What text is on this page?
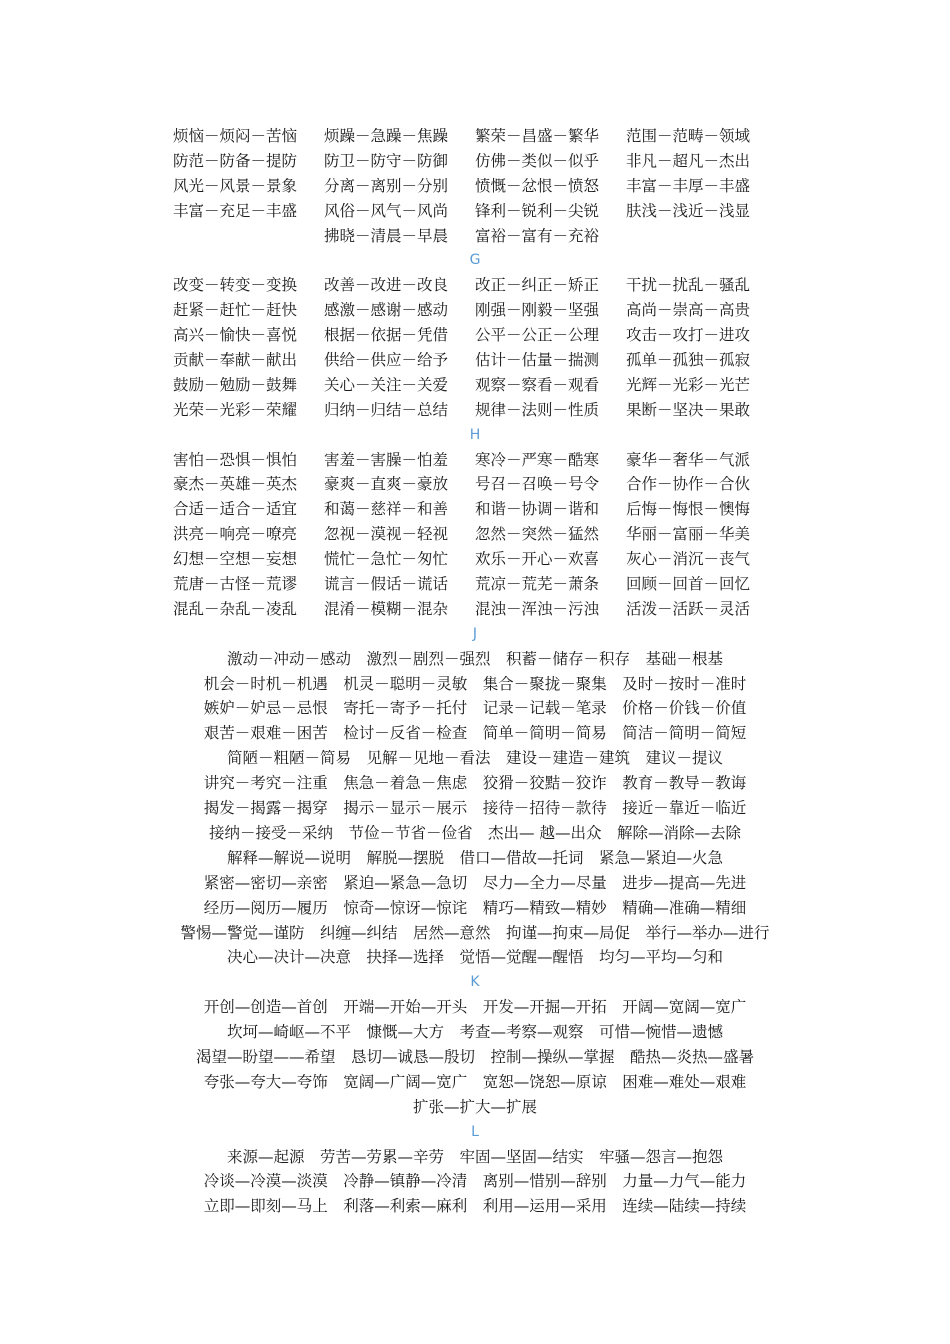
烦恼－烦闷－苦恼 烦躁－急躁－焦躁 繁荣－昌盛－繁华 范围－范畴－领域
防范－防备－提防 防卫－防守－防御 仿佛－类似－似乎 非凡－超凡－杰出
风光－风景－景象 分离－离别－分别 愤慨－忿恨－愤怒 丰富－丰厚－丰盛
丰富－充足－丰盛 风俗－风气－风尚 锋利－锐利－尖锐 肤浅－浅近－浅显
拂晓－清晨－早晨 富裕－富有－充裕
G
改变－转变－变换 改善－改进－改良 改正－纠正－矫正 干扰－扰乱－骚乱
赶紧－赶忙－赶快 感激－感谢－感动 刚强－刚毅－坚强 高尚－崇高－高贵
高兴－愉快－喜悦 根据－依据－凭借 公平－公正－公理 攻击－攻打－进攻
贡献－奉献－献出 供给－供应－给予 估计－估量－揣测 孤单－孤独－孤寂
鼓励－勉励－鼓舞 关心－关注－关爱 观察－察看－观看 光辉－光彩－光芒
光荣－光彩－荣耀 归纳－归结－总结 规律－法则－性质 果断－坚决－果敢
H
害怕－恐惧－惧怕 害羞－害臊－怕羞 寒冷－严寒－酷寒 豪华－奢华－气派
豪杰－英雄－英杰 豪爽－直爽－豪放 号召－召唤－号令 合作－协作－合伙
合适－适合－适宜 和蔼－慈祥－和善 和谐－协调－谐和 后悔－悔恨－懊悔
洪亮－响亮－嘹亮 忽视－漠视－轻视 忽然－突然－猛然 华丽－富丽－华美
幻想－空想－妄想 慌忙－急忙－匆忙 欢乐－开心－欢喜 灰心－消沉－丧气
荒唐－古怪－荒谬 谎言－假话－谎话 荒凉－荒芜－萧条 回顾－回首－回忆
混乱－杂乱－凌乱 混淆－模糊－混杂 混浊－浑浊－污浊 活泼－活跃－灵活
J
激动－冲动－感动　激烈－剧烈－强烈　积蓄－储存－积存　基础－根基
机会－时机－机遇　机灵－聪明－灵敏　集合－聚拢－聚集　及时－按时－准时
嫉妒－妒忌－忌恨　寄托－寄予－托付　记录－记载－笔录　价格－价钱－价值
艰苦－艰难－困苦　检讨－反省－检查　简单－简明－简易　简洁－简明－简短
简陋－粗陋－简易　见解－见地－看法　建设－建造－建筑　建议－提议
讲究－考究－注重　焦急－着急－焦虑　狡猾－狡黠－狡诈　教育－教导－教诲
揭发－揭露－揭穿　揭示－显示－展示　接待－招待－款待　接近－靠近－临近
接纳－接受－采纳　节俭－节省－俭省　杰出— 越—出众　解除—消除—去除
解释—解说—说明　解脱—摆脱　借口—借故—托词　紧急—紧迫—火急
紧密—密切—亲密　紧迫—紧急—急切　尽力—全力—尽量　进步—提高—先进
经历—阅历—履历　惊奇—惊讶—惊诧　精巧—精致—精妙　精确—准确—精细
警惕—警觉—谨防　纠缠—纠结　居然—意然　拘谨—拘束—局促　举行—举办—进行
决心—决计—决意　抉择—选择　觉悟—觉醒—醒悟　均匀—平均—匀和
K
开创—创造—首创　开端—开始—开头　开发—开掘—开拓　开阔—宽阔—宽广
坎坷—崎岖—不平　慷慨—大方　考查—考察—观察　可惜—惋惜—遗憾
渴望—盼望——希望　恳切—诚恳—殷切　控制—操纵—掌握　酷热—炎热—盛暑
夸张—夸大—夸饰　宽阔—广阔—宽广　宽恕—饶恕—原谅　困难—难处—艰难
扩张—扩大—扩展
L
来源—起源　劳苦—劳累—辛劳　牢固—坚固—结实　牢骚—怨言—抱怨
冷谈—冷漠—淡漠　冷静—镇静—冷清　离别—惜别—辞别　力量—力气—能力
立即—即刻—马上　利落—利索—麻利　利用—运用—采用　连续—陆续—持续
